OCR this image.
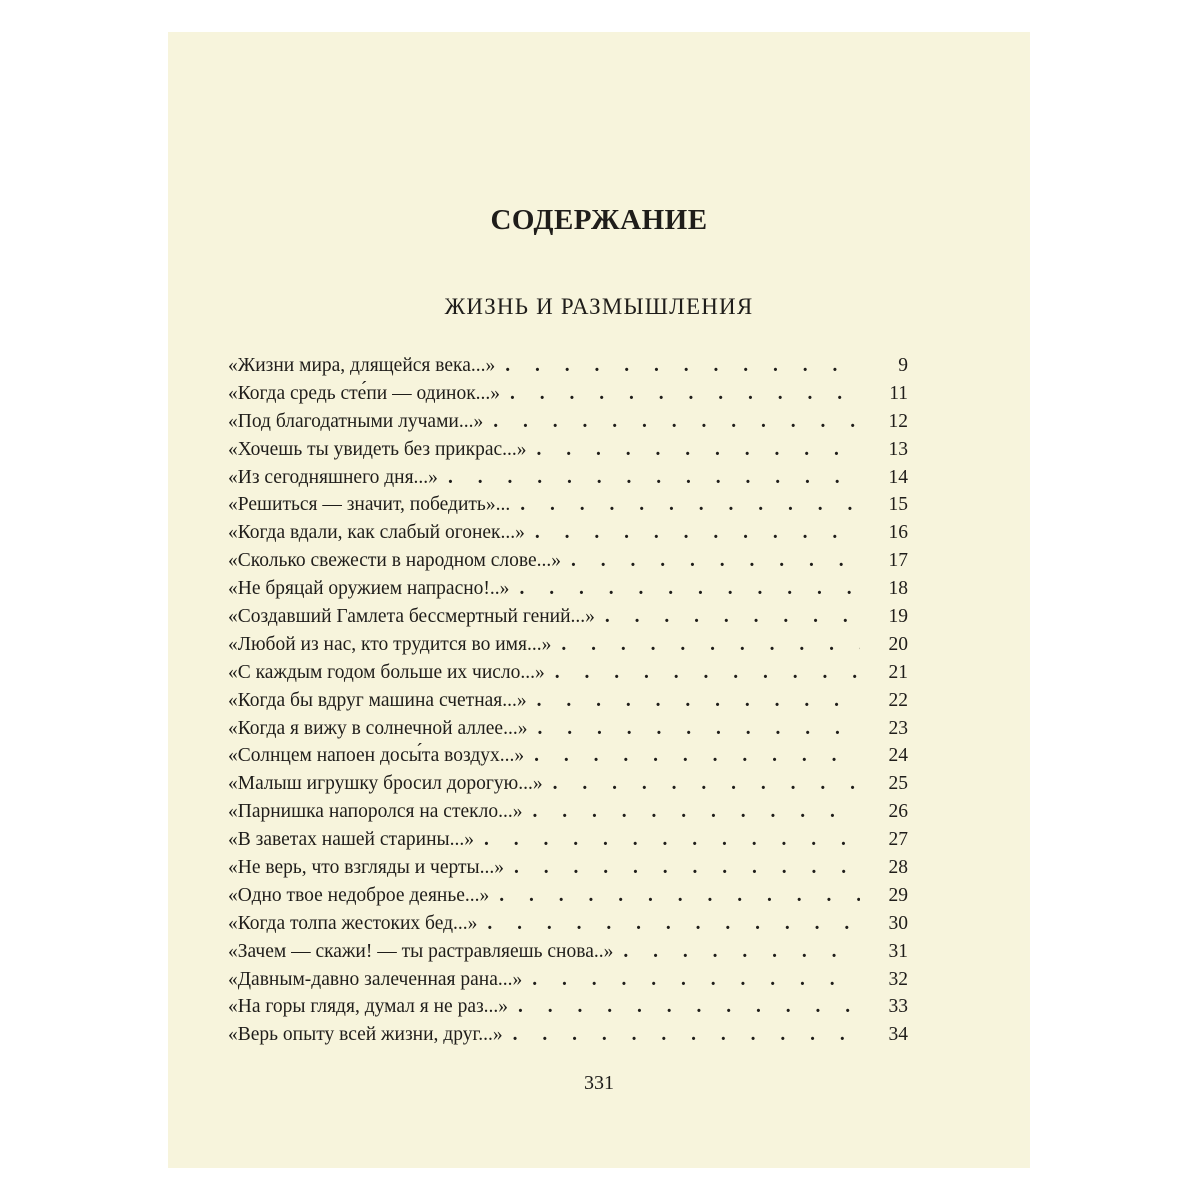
СОДЕРЖАНИЕ
ЖИЗНЬ И РАЗМЫШЛЕНИЯ
«Жизни мира, длящейся века...» . . .	9
«Когда средь сте́пи — одинок...» . . .	11
«Под благодатными лучами...» . . .	12
«Хочешь ты увидеть без прикрас...» . . .	13
«Из сегодняшнего дня...» . . .	14
«Решиться — значит, победить»... . . .	15
«Когда вдали, как слабый огонек...» . . .	16
«Сколько свежести в народном слове...» . . .	17
«Не бряцай оружием напрасно!..» . . .	18
«Создавший Гамлета бессмертный гений...» . . .	19
«Любой из нас, кто трудится во имя...» . . .	20
«С каждым годом больше их число...» . . .	21
«Когда бы вдруг машина счетная...» . . .	22
«Когда я вижу в солнечной аллее...» . . .	23
«Солнцем напоен досы́та воздух...» . . .	24
«Малыш игрушку бросил дорогую...» . . .	25
«Парнишка напоролся на стекло...» . . .	26
«В заветах нашей старины...» . . .	27
«Не верь, что взгляды и черты...» . . .	28
«Одно твое недоброе деянье...» . . .	29
«Когда толпа жестоких бед...» . . .	30
«Зачем — скажи! — ты растравляешь снова..» . . .	31
«Давным-давно залеченная рана...» . . .	32
«На горы глядя, думал я не раз...» . . .	33
«Верь опыту всей жизни, друг...» . . .	34
331
